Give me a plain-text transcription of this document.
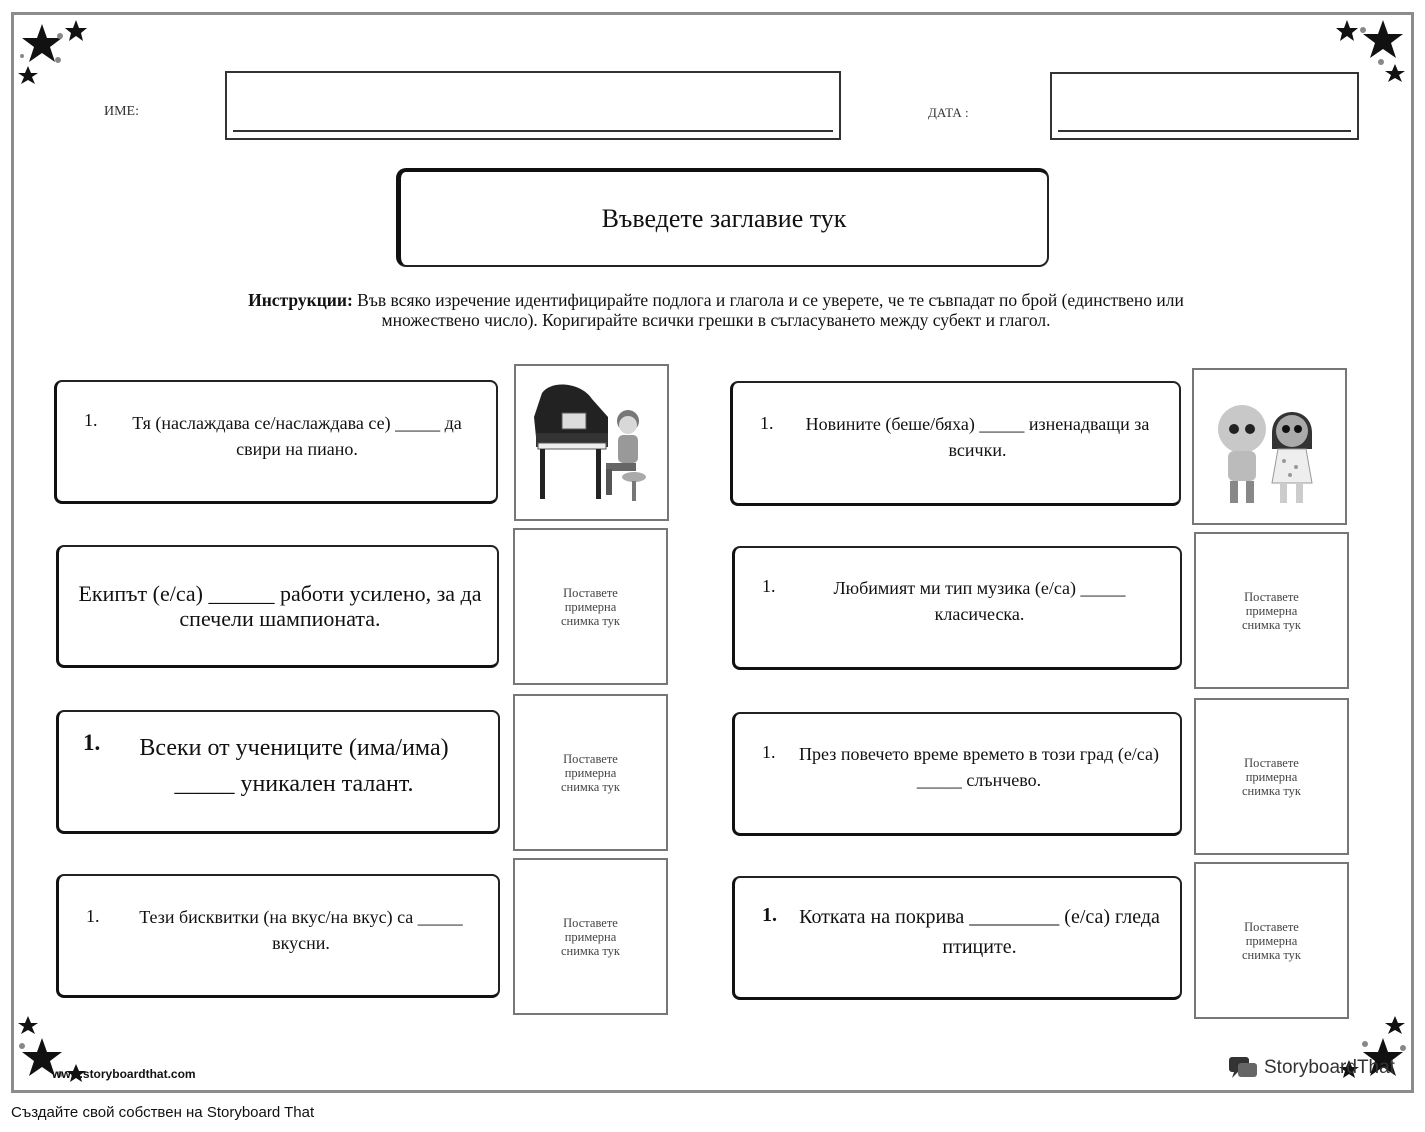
ИМЕ:	ДАТА :
Въведете заглавие тук
Инструкции: Във всяко изречение идентифицирайте подлога и глагола и се уверете, че те съвпадат по брой (единствено или
множествено число). Коригирайте всички грешки в съгласуването между субект и глагол.
1.	Тя (наслаждава се/наслаждава се) _____ да
свири на пиано.
Екипът (е/са) ______ работи усилено, за да
спечели шампионата.
Поставете примерна снимка тук
1.	Всеки от учениците (има/има)
_____ уникален талант.
Поставете примерна снимка тук
1.	Тези бисквитки (на вкус/на вкус) са _____
вкусни.
Поставете примерна снимка тук
1.	Новините (беше/бяха) _____ изненадващи за
всички.
1.	Любимият ми тип музика (е/са) _____
класическа.
Поставете примерна снимка тук
1.	През повечето време времето в този град (е/са)
_____ слънчево.
Поставете примерна снимка тук
1.	Котката на покрива _________ (е/са) гледа
птиците.
Поставете примерна снимка тук
www.storyboardthat.com	StoryboardThat
Създайте свой собствен на Storyboard That
